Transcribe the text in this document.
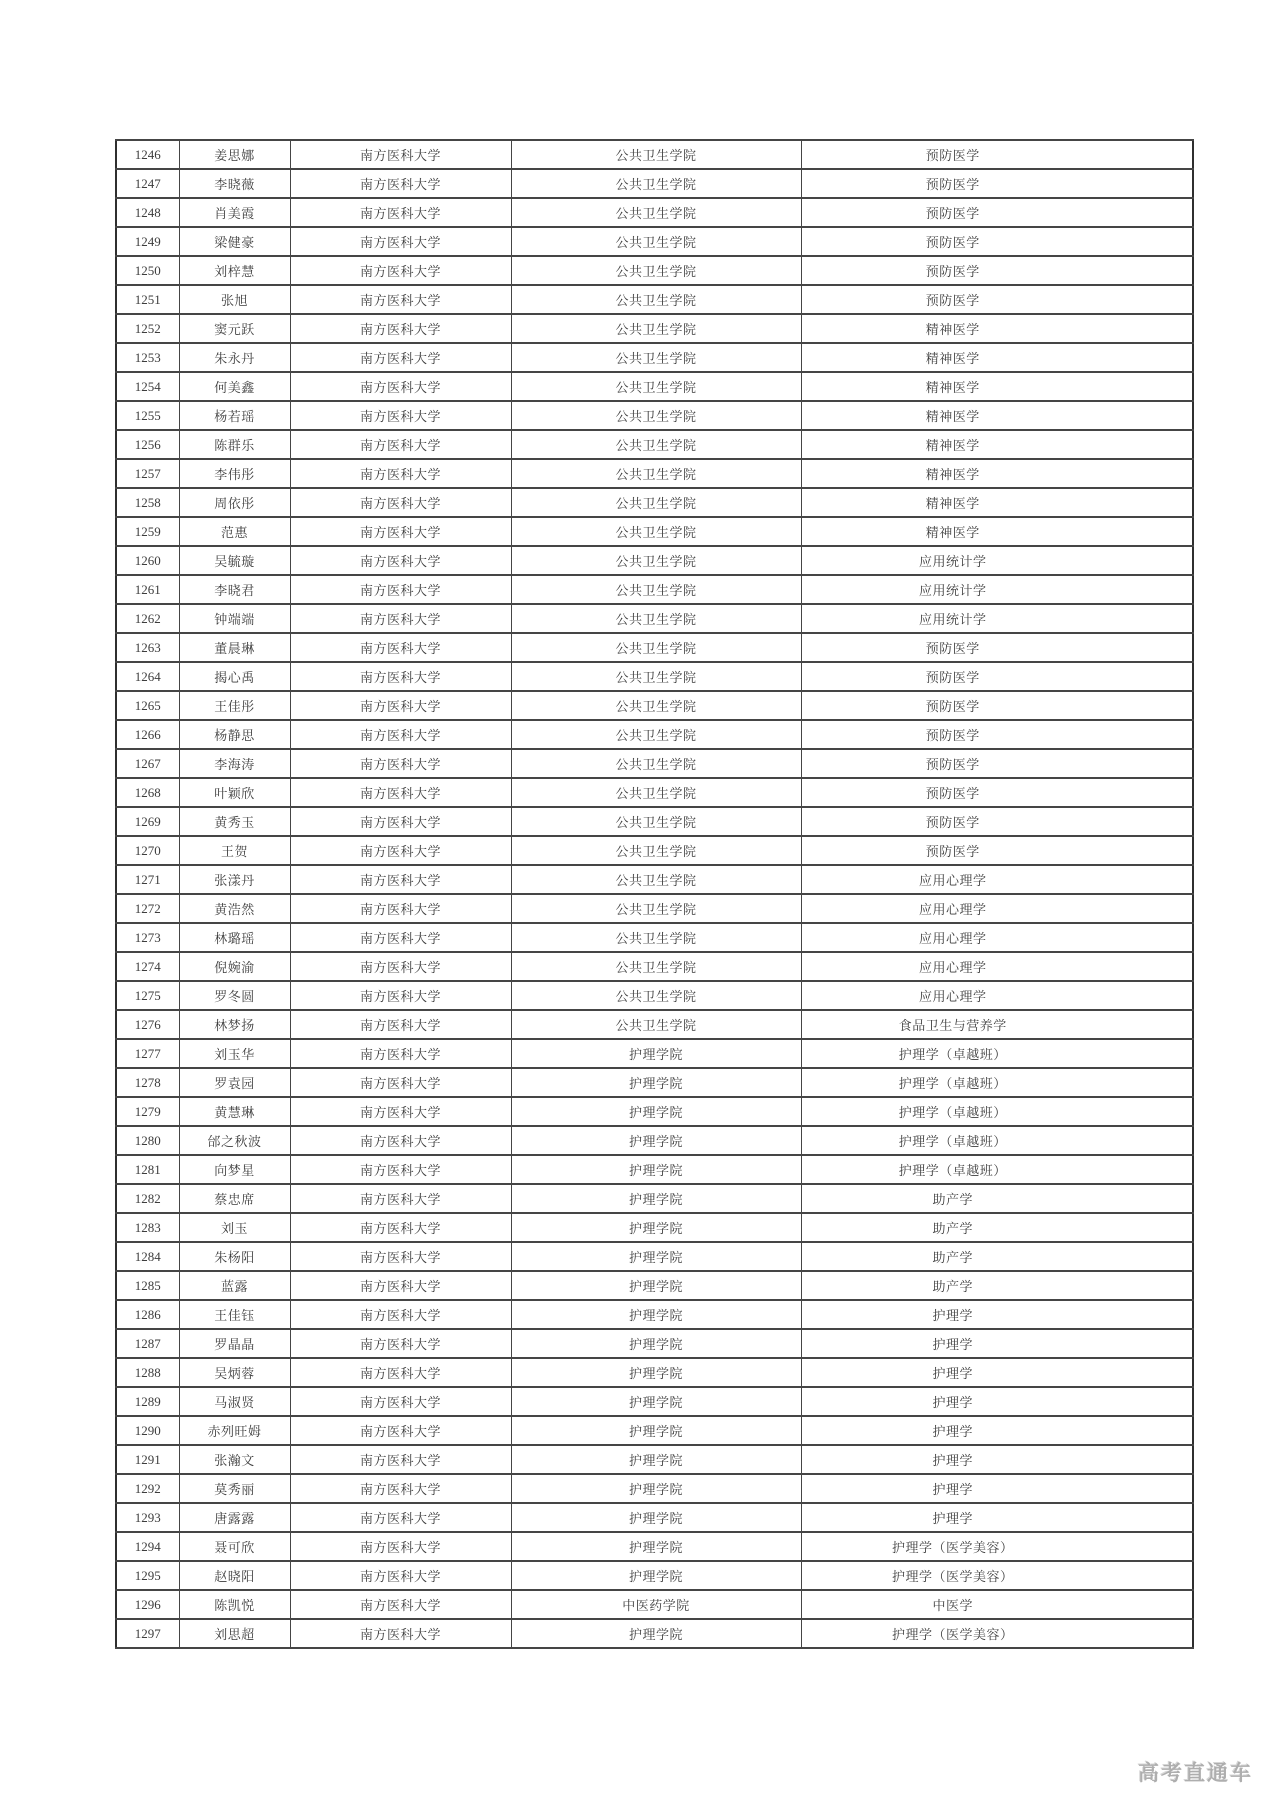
1246	姜思娜	南方医科大学	公共卫生学院	预防医学
1247	李晓薇	南方医科大学	公共卫生学院	预防医学
1248	肖美霞	南方医科大学	公共卫生学院	预防医学
1249	梁健豪	南方医科大学	公共卫生学院	预防医学
1250	刘梓慧	南方医科大学	公共卫生学院	预防医学
1251	张旭	南方医科大学	公共卫生学院	预防医学
1252	窦元跃	南方医科大学	公共卫生学院	精神医学
1253	朱永丹	南方医科大学	公共卫生学院	精神医学
1254	何美鑫	南方医科大学	公共卫生学院	精神医学
1255	杨若瑶	南方医科大学	公共卫生学院	精神医学
1256	陈群乐	南方医科大学	公共卫生学院	精神医学
1257	李伟彤	南方医科大学	公共卫生学院	精神医学
1258	周依彤	南方医科大学	公共卫生学院	精神医学
1259	范惠	南方医科大学	公共卫生学院	精神医学
1260	吴毓璇	南方医科大学	公共卫生学院	应用统计学
1261	李晓君	南方医科大学	公共卫生学院	应用统计学
1262	钟端端	南方医科大学	公共卫生学院	应用统计学
1263	董晨琳	南方医科大学	公共卫生学院	预防医学
1264	揭心禹	南方医科大学	公共卫生学院	预防医学
1265	王佳彤	南方医科大学	公共卫生学院	预防医学
1266	杨静思	南方医科大学	公共卫生学院	预防医学
1267	李海涛	南方医科大学	公共卫生学院	预防医学
1268	叶颖欣	南方医科大学	公共卫生学院	预防医学
1269	黄秀玉	南方医科大学	公共卫生学院	预防医学
1270	王贺	南方医科大学	公共卫生学院	预防医学
1271	张漾丹	南方医科大学	公共卫生学院	应用心理学
1272	黄浩然	南方医科大学	公共卫生学院	应用心理学
1273	林璐瑶	南方医科大学	公共卫生学院	应用心理学
1274	倪婉渝	南方医科大学	公共卫生学院	应用心理学
1275	罗冬圆	南方医科大学	公共卫生学院	应用心理学
1276	林梦扬	南方医科大学	公共卫生学院	食品卫生与营养学
1277	刘玉华	南方医科大学	护理学院	护理学（卓越班）
1278	罗袁园	南方医科大学	护理学院	护理学（卓越班）
1279	黄慧琳	南方医科大学	护理学院	护理学（卓越班）
1280	邰之秋波	南方医科大学	护理学院	护理学（卓越班）
1281	向梦星	南方医科大学	护理学院	护理学（卓越班）
1282	蔡忠席	南方医科大学	护理学院	助产学
1283	刘玉	南方医科大学	护理学院	助产学
1284	朱杨阳	南方医科大学	护理学院	助产学
1285	蓝露	南方医科大学	护理学院	助产学
1286	王佳钰	南方医科大学	护理学院	护理学
1287	罗晶晶	南方医科大学	护理学院	护理学
1288	吴炳蓉	南方医科大学	护理学院	护理学
1289	马淑贤	南方医科大学	护理学院	护理学
1290	赤列旺姆	南方医科大学	护理学院	护理学
1291	张瀚文	南方医科大学	护理学院	护理学
1292	莫秀丽	南方医科大学	护理学院	护理学
1293	唐露露	南方医科大学	护理学院	护理学
1294	聂可欣	南方医科大学	护理学院	护理学（医学美容）
1295	赵晓阳	南方医科大学	护理学院	护理学（医学美容）
1296	陈凯悦	南方医科大学	中医药学院	中医学
1297	刘思超	南方医科大学	护理学院	护理学（医学美容）
高考直通车
